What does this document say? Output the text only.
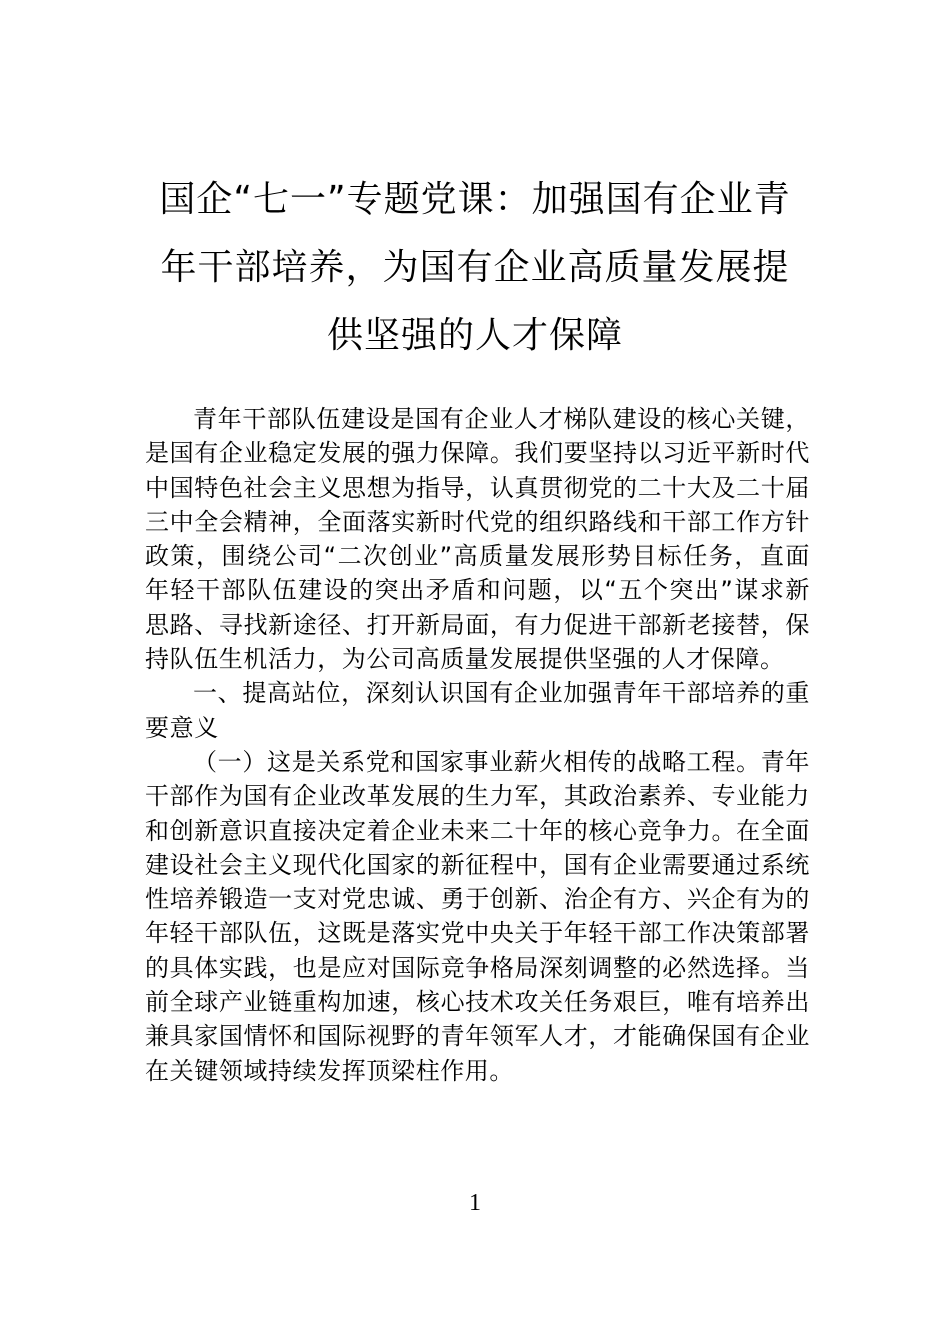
国企“七一”专题党课：加强国有企业青年干部培养，为国有企业高质量发展提供坚强的人才保障

青年干部队伍建设是国有企业人才梯队建设的核心关键，是国有企业稳定发展的强力保障。我们要坚持以习近平新时代中国特色社会主义思想为指导，认真贯彻党的二十大及二十届三中全会精神，全面落实新时代党的组织路线和干部工作方针政策，围绕公司“二次创业”高质量发展形势目标任务，直面年轻干部队伍建设的突出矛盾和问题，以“五个突出”谋求新思路、寻找新途径、打开新局面，有力促进干部新老接替，保持队伍生机活力，为公司高质量发展提供坚强的人才保障。

一、提高站位，深刻认识国有企业加强青年干部培养的重要意义

（一）这是关系党和国家事业薪火相传的战略工程。青年干部作为国有企业改革发展的生力军，其政治素养、专业能力和创新意识直接决定着企业未来二十年的核心竞争力。在全面建设社会主义现代化国家的新征程中，国有企业需要通过系统性培养锻造一支对党忠诚、勇于创新、治企有方、兴企有为的年轻干部队伍，这既是落实党中央关于年轻干部工作决策部署的具体实践，也是应对国际竞争格局深刻调整的必然选择。当前全球产业链重构加速，核心技术攻关任务艰巨，唯有培养出兼具家国情怀和国际视野的青年领军人才，才能确保国有企业在关键领域持续发挥顶梁柱作用。

1
